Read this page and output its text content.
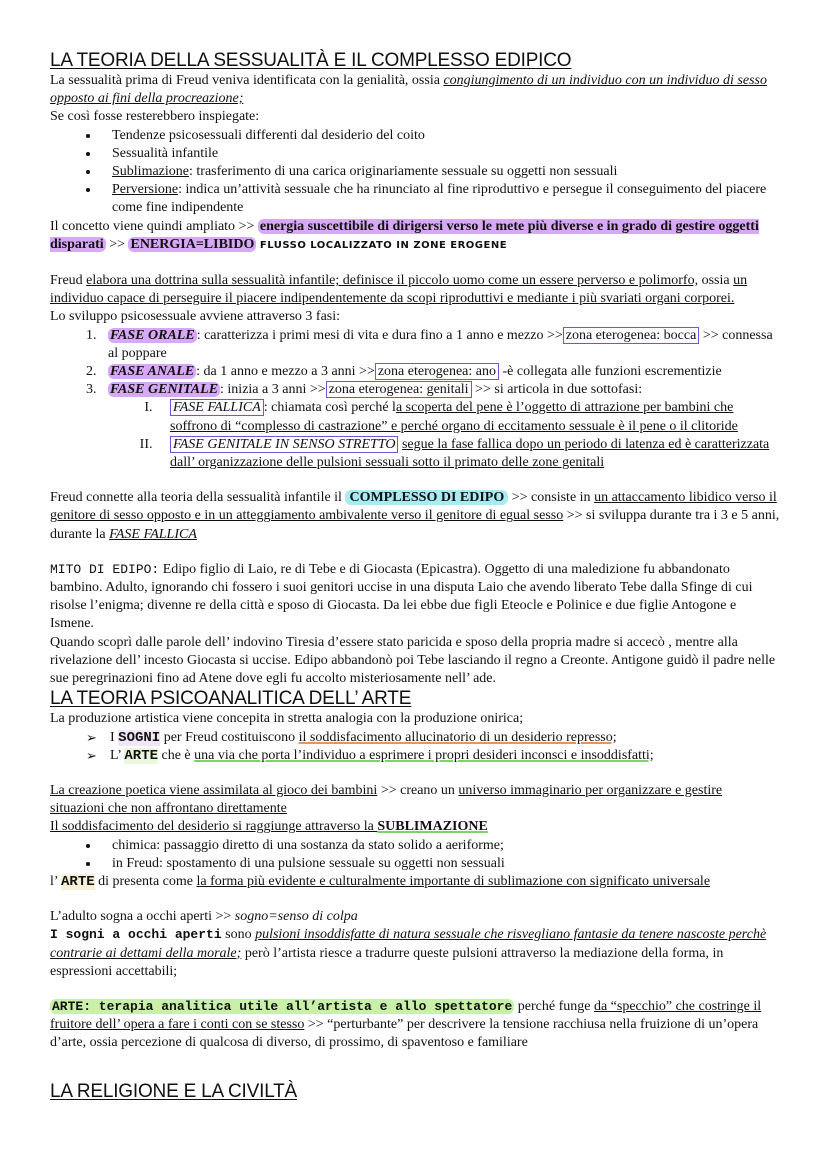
LA TEORIA DELLA SESSUALITÀ E IL COMPLESSO EDIPICO

La sessualità prima di Freud veniva identificata con la genialità, ossia congiungimento di un individuo con un individuo di sesso opposto ai fini della procreazione;

Se così fosse resterebbero inspiegate:

• Tendenze psicosessuali differenti dal desiderio del coito
• Sessualità infantile
• Sublimazione: trasferimento di una carica originariamente sessuale su oggetti non sessuali
• Perversione: indica un’attività sessuale che ha rinunciato al fine riproduttivo e persegue il conseguimento del piacere come fine indipendente

Il concetto viene quindi ampliato >> energia suscettibile di dirigersi verso le mete più diverse e in grado di gestire oggetti disparati >> ENERGIA=LIBIDO FLUSSO LOCALIZZATO IN ZONE EROGENE

Freud elabora una dottrina sulla sessualità infantile; definisce il piccolo uomo come un essere perverso e polimorfo, ossia un individuo capace di perseguire il piacere indipendentemente da scopi riproduttivi e mediante i più svariati organi corporei.

Lo sviluppo psicosessuale avviene attraverso 3 fasi:

1. FASE ORALE : caratterizza i primi mesi di vita e dura fino a 1 anno e mezzo >> zona eterogenea: bocca >> connessa al poppare
2. FASE ANALE : da 1 anno e mezzo a 3 anni >> zona eterogenea: ano -è collegata alle funzioni escrementizie
3. FASE GENITALE : inizia a 3 anni >> zona eterogenea: genitali >> si articola in due sottofasi:
I. FASE FALLICA : chiamata così perché la scoperta del pene è l’oggetto di attrazione per bambini che soffrono di “complesso di castrazione” e perché organo di eccitamento sessuale è il pene o il clitoride
II. FASE GENITALE IN SENSO STRETTO segue la fase fallica dopo un periodo di latenza ed è caratterizzata dall’ organizzazione delle pulsioni sessuali sotto il primato delle zone genitali

Freud connette alla teoria della sessualità infantile il COMPLESSO DI EDIPO >> consiste in un attaccamento libidico verso il genitore di sesso opposto e in un atteggiamento ambivalente verso il genitore di egual sesso >> si sviluppa durante tra i 3 e 5 anni, durante la FASE FALLICA

MITO DI EDIPO: Edipo figlio di Laio, re di Tebe e di Giocasta (Epicastra). Oggetto di una maledizione fu abbandonato bambino. Adulto, ignorando chi fossero i suoi genitori uccise in una disputa Laio che avendo liberato Tebe dalla Sfinge di cui risolse l’enigma; divenne re della città e sposo di Giocasta. Da lei ebbe due figli Eteocle e Polinice e due figlie Antogone e Ismene.

Quando scoprì dalle parole dell’ indovino Tiresia d’essere stato paricida e sposo della propria madre si accecò , mentre alla rivelazione dell’ incesto Giocasta si uccise. Edipo abbandonò poi Tebe lasciando il regno a Creonte. Antigone guidò il padre nelle sue peregrinazioni fino ad Atene dove egli fu accolto misteriosamente nell’ ade.

LA TEORIA PSICOANALITICA DELL’ ARTE

La produzione artistica viene concepita in stretta analogia con la produzione onirica;

➢ I SOGNI per Freud costituiscono il soddisfacimento allucinatorio di un desiderio represso;
➢ L’ ARTE che è una via che porta l’individuo a esprimere i propri desideri inconsci e insoddisfatti;

La creazione poetica viene assimilata al gioco dei bambini >> creano un universo immaginario per organizzare e gestire situazioni che non affrontano direttamente

Il soddisfacimento del desiderio si raggiunge attraverso la SUBLIMAZIONE

• chimica: passaggio diretto di una sostanza da stato solido a aeriforme;
• in Freud: spostamento di una pulsione sessuale su oggetti non sessuali

l’ ARTE di presenta come la forma più evidente e culturalmente importante di sublimazione con significato universale

L’adulto sogna a occhi aperti >> sogno=senso di colpa

I sogni a occhi aperti sono pulsioni insoddisfatte di natura sessuale che risvegliano fantasie da tenere nascoste perchè contrarie ai dettami della morale; però l’artista riesce a tradurre queste pulsioni attraverso la mediazione della forma, in espressioni accettabili;

ARTE: terapia analitica utile all’artista e allo spettatore perché funge da “specchio” che costringe il fruitore dell’ opera a fare i conti con se stesso >> “perturbante” per descrivere la tensione racchiusa nella fruizione di un’opera d’arte, ossia percezione di qualcosa di diverso, di prossimo, di spaventoso e familiare

LA RELIGIONE E LA CIVILTÀ
